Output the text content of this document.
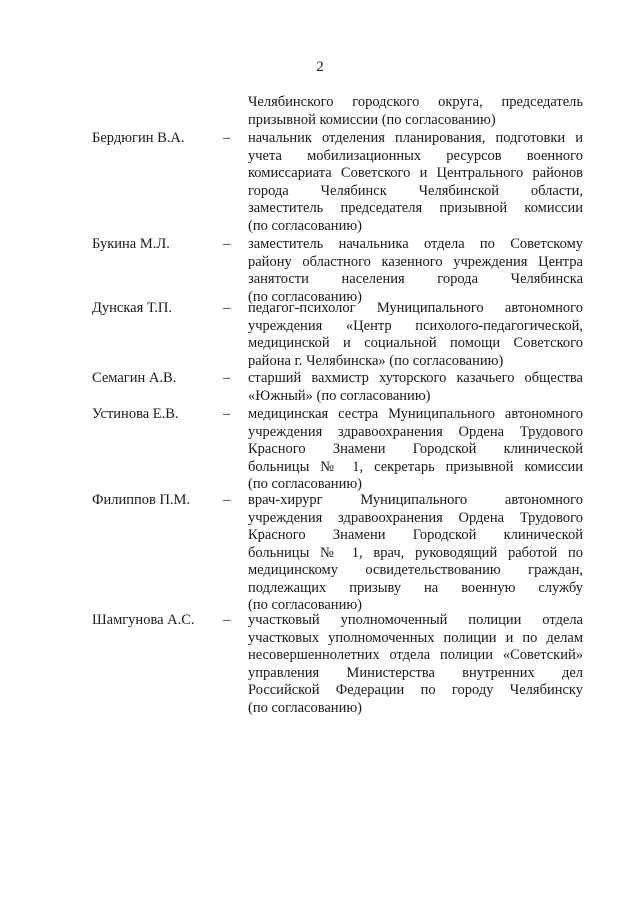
2
Челябинского городского округа, председатель
призывной комиссии (по согласованию)
Бердюгин В.А.	– начальник отделения планирования, подготовки и
учета мобилизационных ресурсов военного
комиссариата Советского и Центрального районов
города Челябинск Челябинской области,
заместитель председателя призывной комиссии
(по согласованию)
Букина М.Л.	– заместитель начальника отдела по Советскому
району областного казенного учреждения Центра
занятости населения города Челябинска
(по согласованию)
Дунская Т.П.	– педагог-психолог Муниципального автономного
учреждения «Центр психолого-педагогической,
медицинской и социальной помощи Советского
района г. Челябинска» (по согласованию)
Семагин А.В.	– старший вахмистр хуторского казачьего общества
«Южный» (по согласованию)
Устинова Е.В.	– медицинская сестра Муниципального автономного
учреждения здравоохранения Ордена Трудового
Красного Знамени Городской клинической
больницы № 1, секретарь призывной комиссии
(по согласованию)
Филиппов П.М. – врач-хирург Муниципального автономного
учреждения здравоохранения Ордена Трудового
Красного Знамени Городской клинической
больницы № 1, врач, руководящий работой по
медицинскому освидетельствованию граждан,
подлежащих призыву на военную службу
(по согласованию)
Шамгунова А.С. – участковый уполномоченный полиции отдела
участковых уполномоченных полиции и по делам
несовершеннолетних отдела полиции «Советский»
управления Министерства внутренних дел
Российской Федерации по городу Челябинску
(по согласованию)
